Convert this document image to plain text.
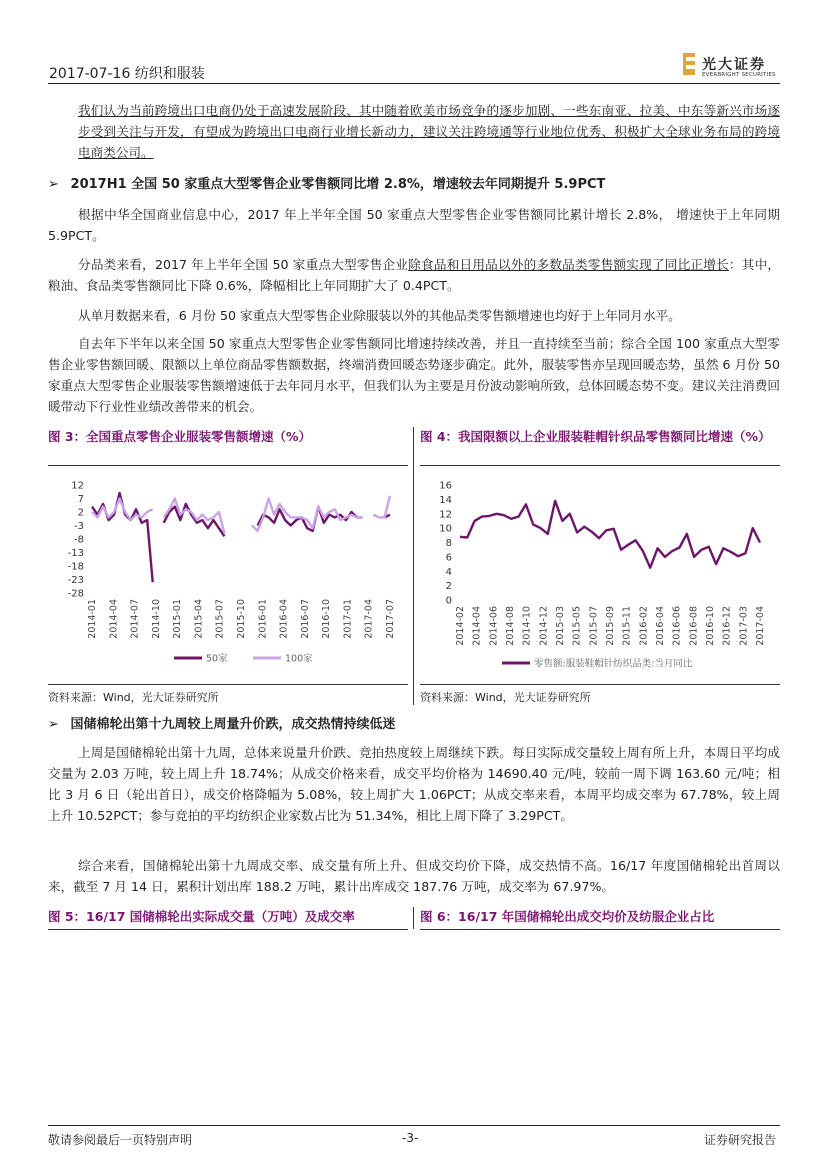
2017-07-16 纺织和服装
光大证券
EVERBRIGHT SECURITIES

我们认为当前跨境出口电商仍处于高速发展阶段、其中随着欧美市场竞争的逐步加剧、一些东南亚、拉美、中东等新兴市场逐步受到关注与开发，有望成为跨境出口电商行业增长新动力，建议关注跨境通等行业地位优秀、积极扩大全球业务布局的跨境电商类公司。

➢ 2017H1 全国 50 家重点大型零售企业零售额同比增 2.8%，增速较去年同期提升 5.9PCT

根据中华全国商业信息中心，2017 年上半年全国 50 家重点大型零售企业零售额同比累计增长 2.8%， 增速快于上年同期 5.9PCT。

分品类来看，2017 年上半年全国 50 家重点大型零售企业除食品和日用品以外的多数品类零售额实现了同比正增长：其中，粮油、食品类零售额同比下降 0.6%，降幅相比上年同期扩大了 0.4PCT。

从单月数据来看，6 月份 50 家重点大型零售企业除服装以外的其他品类零售额增速也均好于上年同月水平。

自去年下半年以来全国 50 家重点大型零售企业零售额同比增速持续改善，并且一直持续至当前；综合全国 100 家重点大型零售企业零售额回暖、限额以上单位商品零售额数据，终端消费回暖态势逐步确定。此外，服装零售亦呈现回暖态势，虽然 6 月份 50 家重点大型零售企业服装零售额增速低于去年同月水平，但我们认为主要是月份波动影响所致，总体回暖态势不变。建议关注消费回暖带动下行业性业绩改善带来的机会。

图 3：全国重点零售企业服装零售额增速（%）	图 4：我国限额以上企业服装鞋帽针织品零售额同比增速（%）
12
7
2
-3
-8
-13
-18
-23
-28
2014-01 2014-04 2014-07 2014-10 2015-01 2015-04 2015-07 2015-10 2016-01 2016-04 2016-07 2016-10 2017-01 2017-04 2017-07
50家	100家
16
14
12
10
8
6
4
2
0
2014-02 2014-04 2014-06 2014-08 2014-10 2014-12 2015-03 2015-05 2015-07 2015-09 2015-11 2016-02 2016-04 2016-06 2016-08 2016-10 2016-12 2017-03 2017-04
零售额:服装鞋帽针纺织品类:当月同比
资料来源：Wind，光大证券研究所	资料来源：Wind，光大证券研究所
➢ 国储棉轮出第十九周较上周量升价跌，成交热情持续低迷

上周是国储棉轮出第十九周，总体来说量升价跌、竞拍热度较上周继续下跌。每日实际成交量较上周有所上升，本周日平均成交量为 2.03 万吨，较上周上升 18.74%；从成交价格来看，成交平均价格为 14690.40 元/吨，较前一周下调 163.60 元/吨；相比 3 月 6 日（轮出首日），成交价格降幅为 5.08%，较上周扩大 1.06PCT；从成交率来看，本周平均成交率为 67.78%，较上周上升 10.52PCT；参与竞拍的平均纺织企业家数占比为 51.34%，相比上周下降了 3.29PCT。

综合来看，国储棉轮出第十九周成交率、成交量有所上升、但成交均价下降，成交热情不高。16/17 年度国储棉轮出首周以来，截至 7 月 14 日，累积计划出库 188.2 万吨，累计出库成交 187.76 万吨，成交率为 67.97%。

图 5：16/17 国储棉轮出实际成交量（万吨）及成交率	图 6：16/17 年国储棉轮出成交均价及纺服企业占比
敬请参阅最后一页特别声明	-3-	证券研究报告
